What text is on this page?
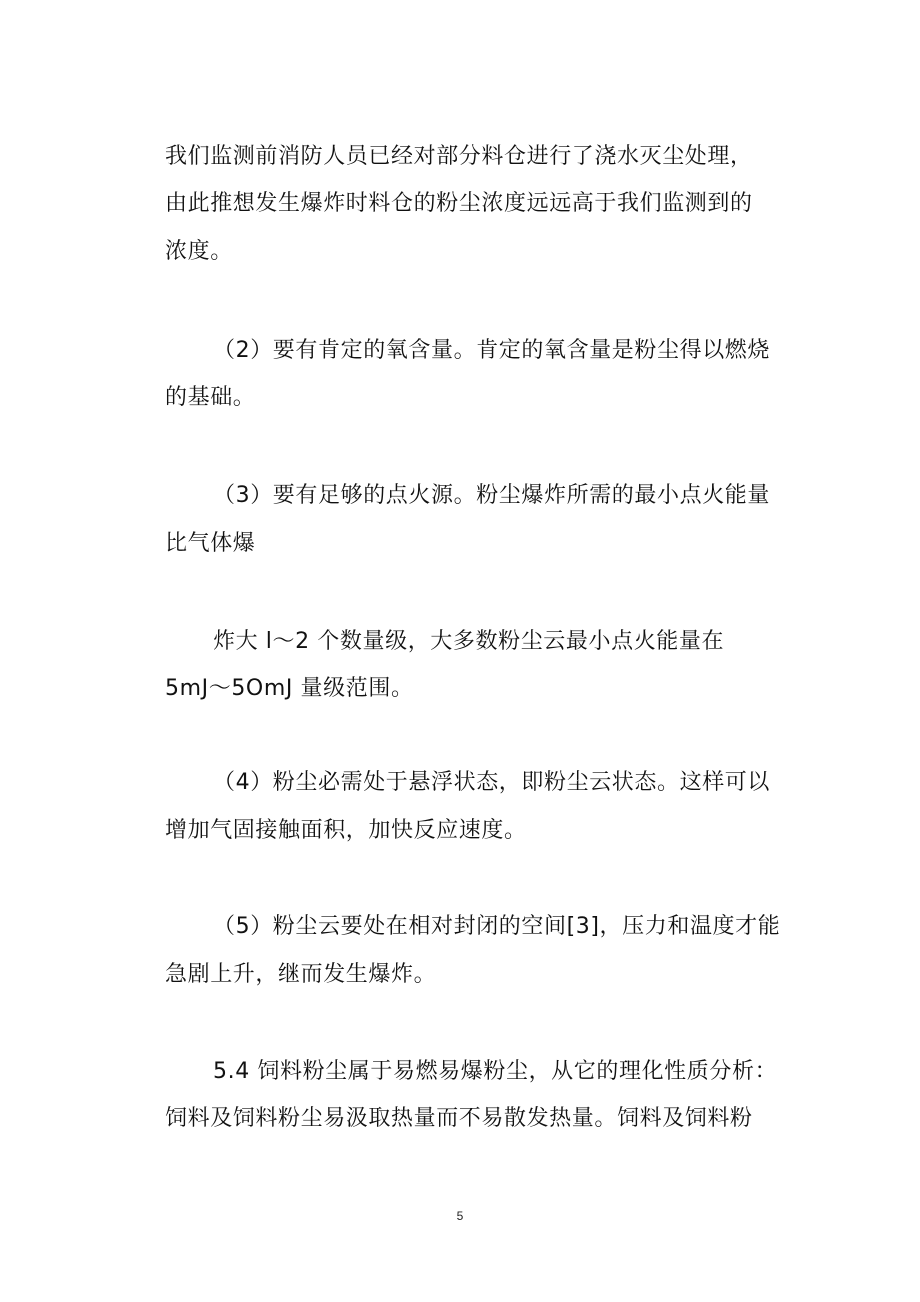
我们监测前消防人员已经对部分料仓进行了浇水灭尘处理，
由此推想发生爆炸时料仓的粉尘浓度远远高于我们监测到的
浓度。
（2）要有肯定的氧含量。肯定的氧含量是粉尘得以燃烧
的基础。
（3）要有足够的点火源。粉尘爆炸所需的最小点火能量
比气体爆
炸大 l～2 个数量级，大多数粉尘云最小点火能量在
5mJ～5OmJ 量级范围。
（4）粉尘必需处于悬浮状态，即粉尘云状态。这样可以
增加气固接触面积，加快反应速度。
（5）粉尘云要处在相对封闭的空间[3]，压力和温度才能
急剧上升，继而发生爆炸。
5.4 饲料粉尘属于易燃易爆粉尘，从它的理化性质分析：
饲料及饲料粉尘易汲取热量而不易散发热量。饲料及饲料粉
5
